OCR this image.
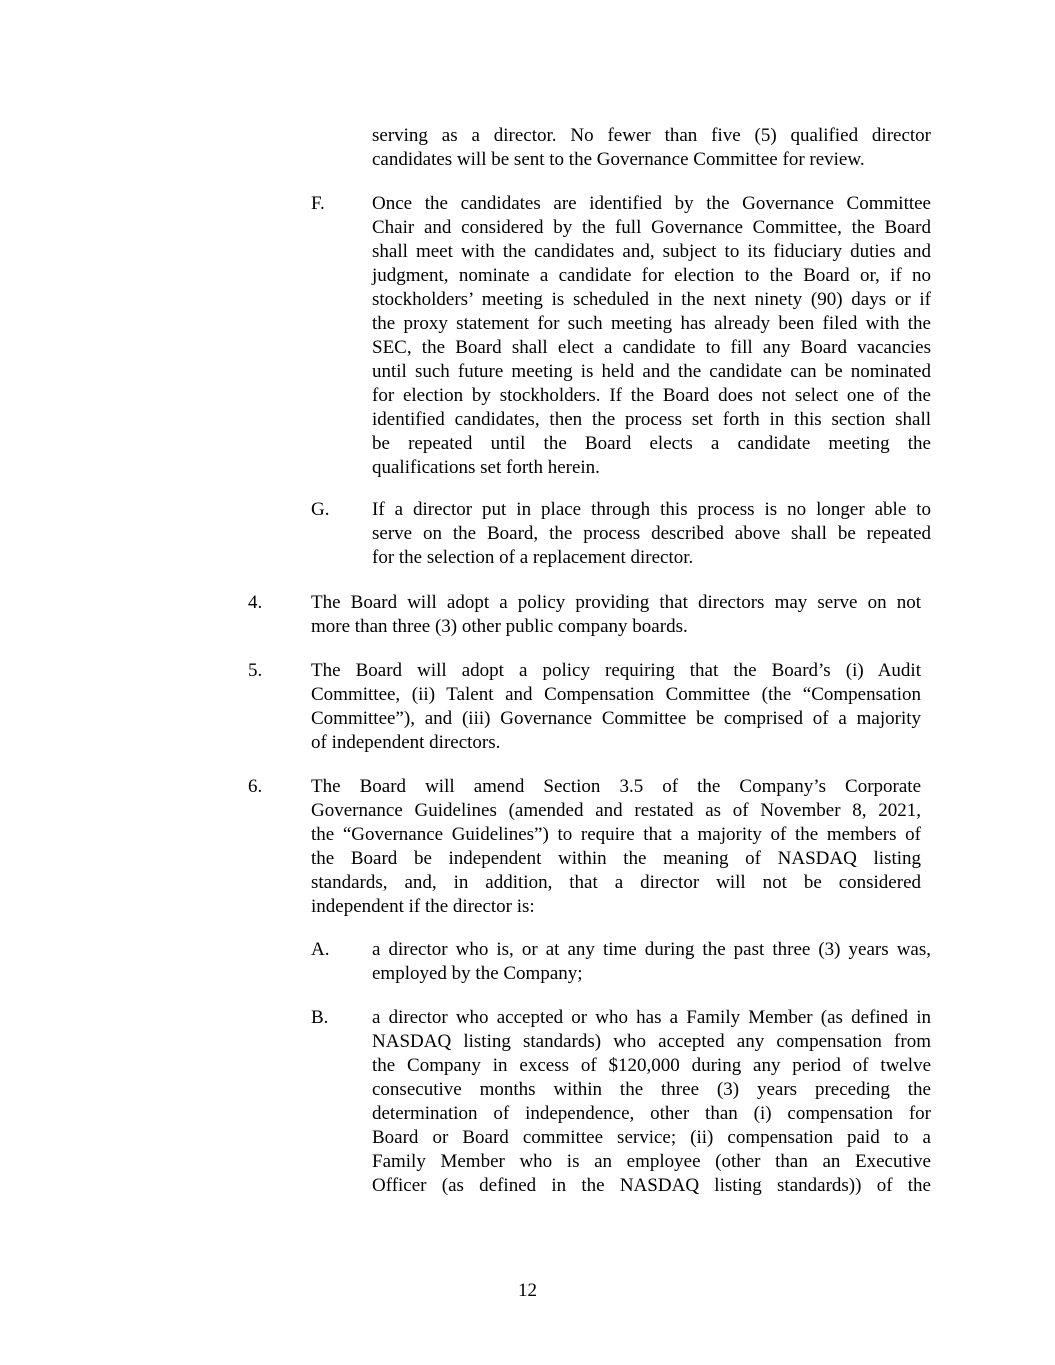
serving as a director. No fewer than five (5) qualified director
candidates will be sent to the Governance Committee for review.
Once the candidates are identified by the Governance Committee
Chair and considered by the full Governance Committee, the Board
shall meet with the candidates and, subject to its fiduciary duties and
judgment, nominate a candidate for election to the Board or, if no
stockholders’ meeting is scheduled in the next ninety (90) days or if
the proxy statement for such meeting has already been filed with the
SEC, the Board shall elect a candidate to fill any Board vacancies
until such future meeting is held and the candidate can be nominated
for election by stockholders. If the Board does not select one of the
identified candidates, then the process set forth in this section shall
be repeated until the Board elects a candidate meeting the
qualifications set forth herein.
If a director put in place through this process is no longer able to
serve on the Board, the process described above shall be repeated
for the selection of a replacement director.
The Board will adopt a policy providing that directors may serve on not
more than three (3) other public company boards.
The Board will adopt a policy requiring that the Board’s (i) Audit
Committee, (ii) Talent and Compensation Committee (the “Compensation
Committee”), and (iii) Governance Committee be comprised of a majority
of independent directors.
The Board will amend Section 3.5 of the Company’s Corporate
Governance Guidelines (amended and restated as of November 8, 2021,
the “Governance Guidelines”) to require that a majority of the members of
the Board be independent within the meaning of NASDAQ listing
standards, and, in addition, that a director will not be considered
independent if the director is:
a director who is, or at any time during the past three (3) years was,
employed by the Company;
a director who accepted or who has a Family Member (as defined in
NASDAQ listing standards) who accepted any compensation from
the Company in excess of $120,000 during any period of twelve
consecutive months within the three (3) years preceding the
determination of independence, other than (i) compensation for
Board or Board committee service; (ii) compensation paid to a
Family Member who is an employee (other than an Executive
Officer (as defined in the NASDAQ listing standards)) of the
12
F.
G.
4.
5.
6.
A.
B.
